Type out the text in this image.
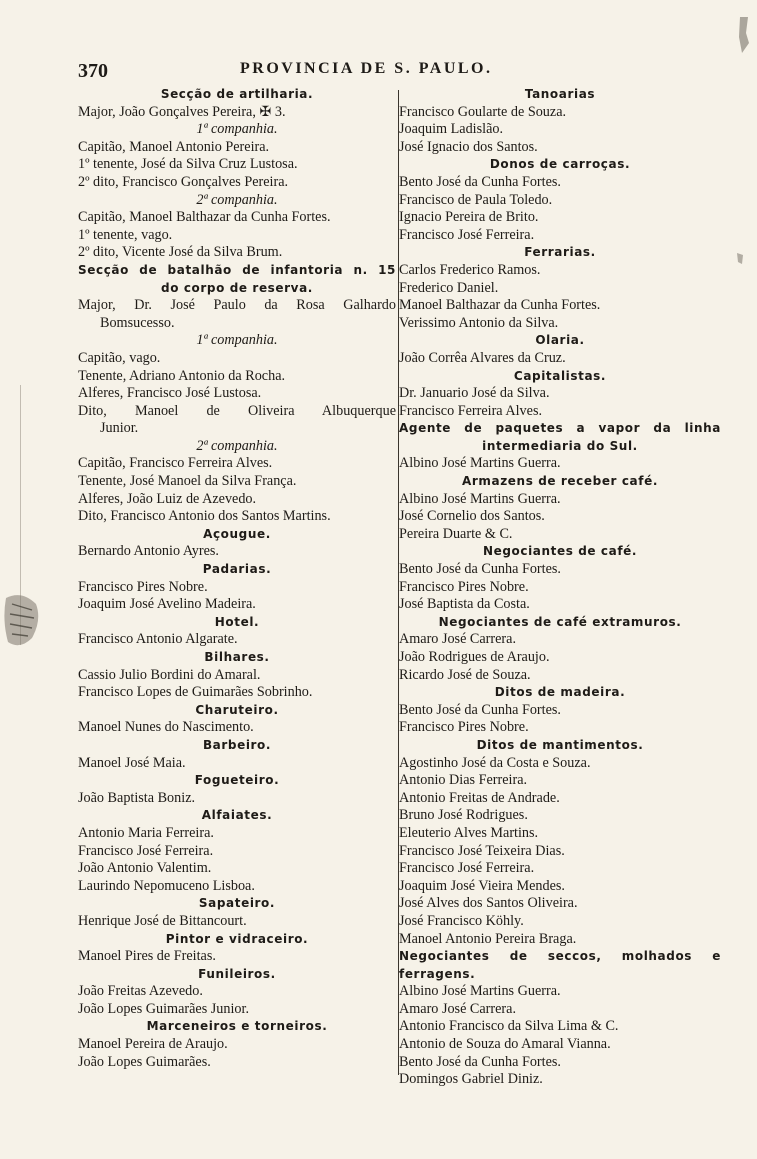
370	PROVINCIA DE S. PAULO.
Secção de artilharia.
Major, João Gonçalves Pereira, ✠ 3.
1ª companhia.
Capitão, Manoel Antonio Pereira.
1º tenente, José da Silva Cruz Lustosa.
2º dito, Francisco Gonçalves Pereira.
2ª companhia.
Capitão, Manoel Balthazar da Cunha Fortes.
1º tenente, vago.
2º dito, Vicente José da Silva Brum.
Secção de batalhão de infantoria n. 15
do corpo de reserva.
Major, Dr. José Paulo da Rosa Galhardo
Bomsucesso.
1ª companhia.
Capitão, vago.
Tenente, Adriano Antonio da Rocha.
Alferes, Francisco José Lustosa.
Dito, Manoel de Oliveira Albuquerque
Junior.
2ª companhia.
Capitão, Francisco Ferreira Alves.
Tenente, José Manoel da Silva França.
Alferes, João Luiz de Azevedo.
Dito, Francisco Antonio dos Santos Martins.
Açougue.
Bernardo Antonio Ayres.
Padarias.
Francisco Pires Nobre.
Joaquim José Avelino Madeira.
Hotel.
Francisco Antonio Algarate.
Bilhares.
Cassio Julio Bordini do Amaral.
Francisco Lopes de Guimarães Sobrinho.
Charuteiro.
Manoel Nunes do Nascimento.
Barbeiro.
Manoel José Maia.
Fogueteiro.
João Baptista Boniz.
Alfaiates.
Antonio Maria Ferreira.
Francisco José Ferreira.
João Antonio Valentim.
Laurindo Nepomuceno Lisboa.
Sapateiro.
Henrique José de Bittancourt.
Pintor e vidraceiro.
Manoel Pires de Freitas.
Funileiros.
João Freitas Azevedo.
João Lopes Guimarães Junior.
Marceneiros e torneiros.
Manoel Pereira de Araujo.
João Lopes Guimarães.
Tanoarias
Francisco Goularte de Souza.
Joaquim Ladislão.
José Ignacio dos Santos.
Donos de carroças.
Bento José da Cunha Fortes.
Francisco de Paula Toledo.
Ignacio Pereira de Brito.
Francisco José Ferreira.
Ferrarias.
Carlos Frederico Ramos.
Frederico Daniel.
Manoel Balthazar da Cunha Fortes.
Verissimo Antonio da Silva.
Olaria.
João Corrêa Alvares da Cruz.
Capitalistas.
Dr. Januario José da Silva.
Francisco Ferreira Alves.
Agente de paquetes a vapor da linha
intermediaria do Sul.
Albino José Martins Guerra.
Armazens de receber café.
Albino José Martins Guerra.
José Cornelio dos Santos.
Pereira Duarte & C.
Negociantes de café.
Bento José da Cunha Fortes.
Francisco Pires Nobre.
José Baptista da Costa.
Negociantes de café extramuros.
Amaro José Carrera.
João Rodrigues de Araujo.
Ricardo José de Souza.
Ditos de madeira.
Bento José da Cunha Fortes.
Francisco Pires Nobre.
Ditos de mantimentos.
Agostinho José da Costa e Souza.
Antonio Dias Ferreira.
Antonio Freitas de Andrade.
Bruno José Rodrigues.
Eleuterio Alves Martins.
Francisco José Teixeira Dias.
Francisco José Ferreira.
Joaquim José Vieira Mendes.
José Alves dos Santos Oliveira.
José Francisco Köhly.
Manoel Antonio Pereira Braga.
Negociantes de seccos, molhados e ferragens.
Albino José Martins Guerra.
Amaro José Carrera.
Antonio Francisco da Silva Lima & C.
Antonio de Souza do Amaral Vianna.
Bento José da Cunha Fortes.
Domingos Gabriel Diniz.
